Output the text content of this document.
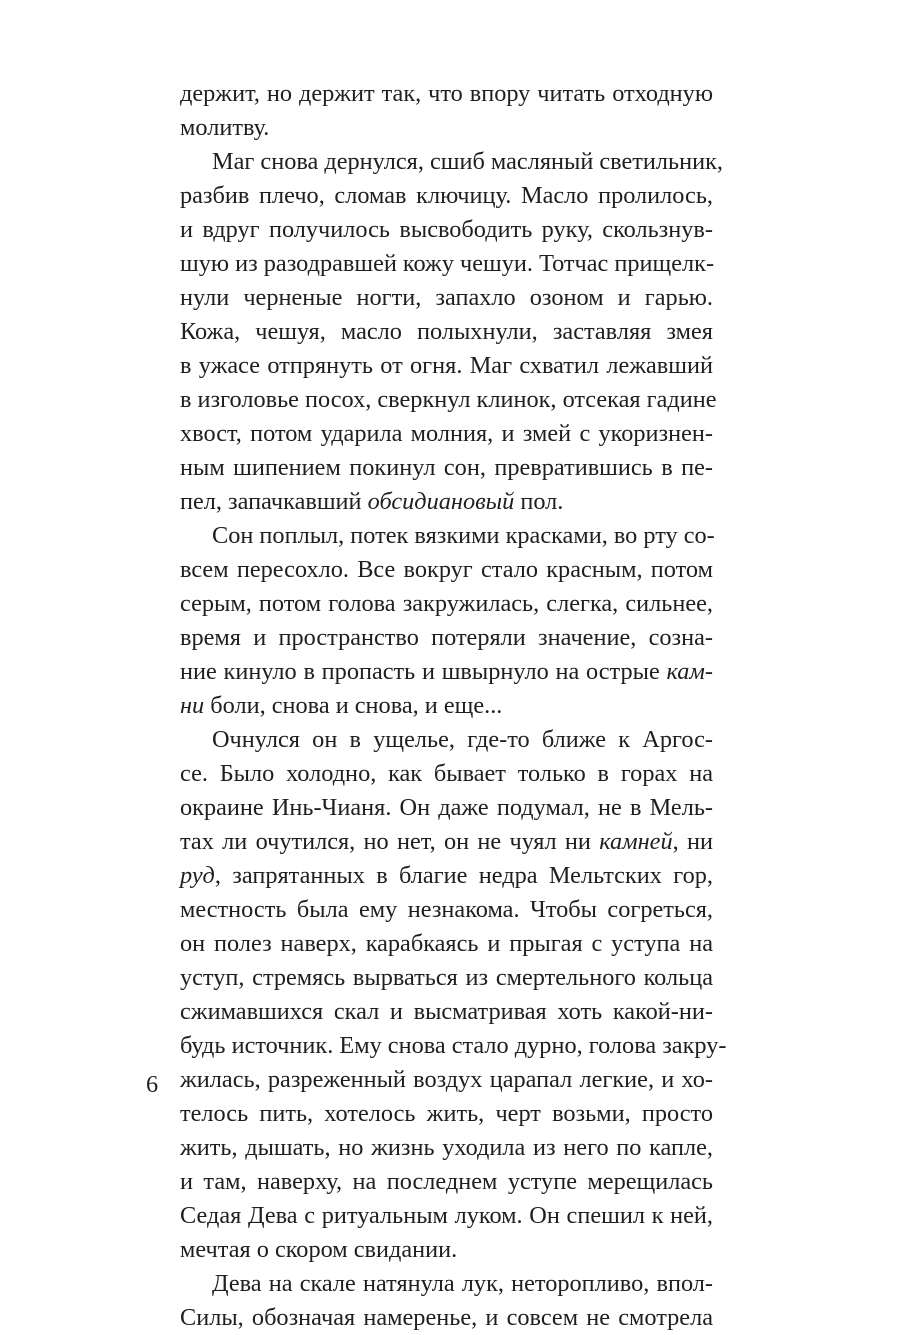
держит, но держит так, что впору читать отходную
молитву.
Маг снова дернулся, сшиб масляный светильник,
разбив плечо, сломав ключицу. Масло пролилось,
и вдруг получилось высвободить руку, скользнув-
шую из разодравшей кожу чешуи. Тотчас прищелк-
нули черненые ногти, запахло озоном и гарью.
Кожа, чешуя, масло полыхнули, заставляя змея
в ужасе отпрянуть от огня. Маг схватил лежавший
в изголовье посох, сверкнул клинок, отсекая гадине
хвост, потом ударила молния, и змей с укоризнен-
ным шипением покинул сон, превратившись в пе-
пел, запачкавший обсидиановый пол.
Сон поплыл, потек вязкими красками, во рту со-
всем пересохло. Все вокруг стало красным, потом
серым, потом голова закружилась, слегка, сильнее,
время и пространство потеряли значение, созна-
ние кинуло в пропасть и швырнуло на острые кам-
ни боли, снова и снова, и еще...
Очнулся он в ущелье, где-то ближе к Аргос-
се. Было холодно, как бывает только в горах на
окраине Инь-Чианя. Он даже подумал, не в Мель-
тах ли очутился, но нет, он не чуял ни камней, ни
руд, запрятанных в благие недра Мельтских гор,
местность была ему незнакома. Чтобы согреться,
он полез наверх, карабкаясь и прыгая с уступа на
уступ, стремясь вырваться из смертельного кольца
сжимавшихся скал и высматривая хоть какой-ни-
будь источник. Ему снова стало дурно, голова закру-
жилась, разреженный воздух царапал легкие, и хо-
телось пить, хотелось жить, черт возьми, просто
жить, дышать, но жизнь уходила из него по капле,
и там, наверху, на последнем уступе мерещилась
Седая Дева с ритуальным луком. Он спешил к ней,
мечтая о скором свидании.
Дева на скале натянула лук, неторопливо, впол-
Силы, обозначая намеренье, и совсем не смотрела
6
